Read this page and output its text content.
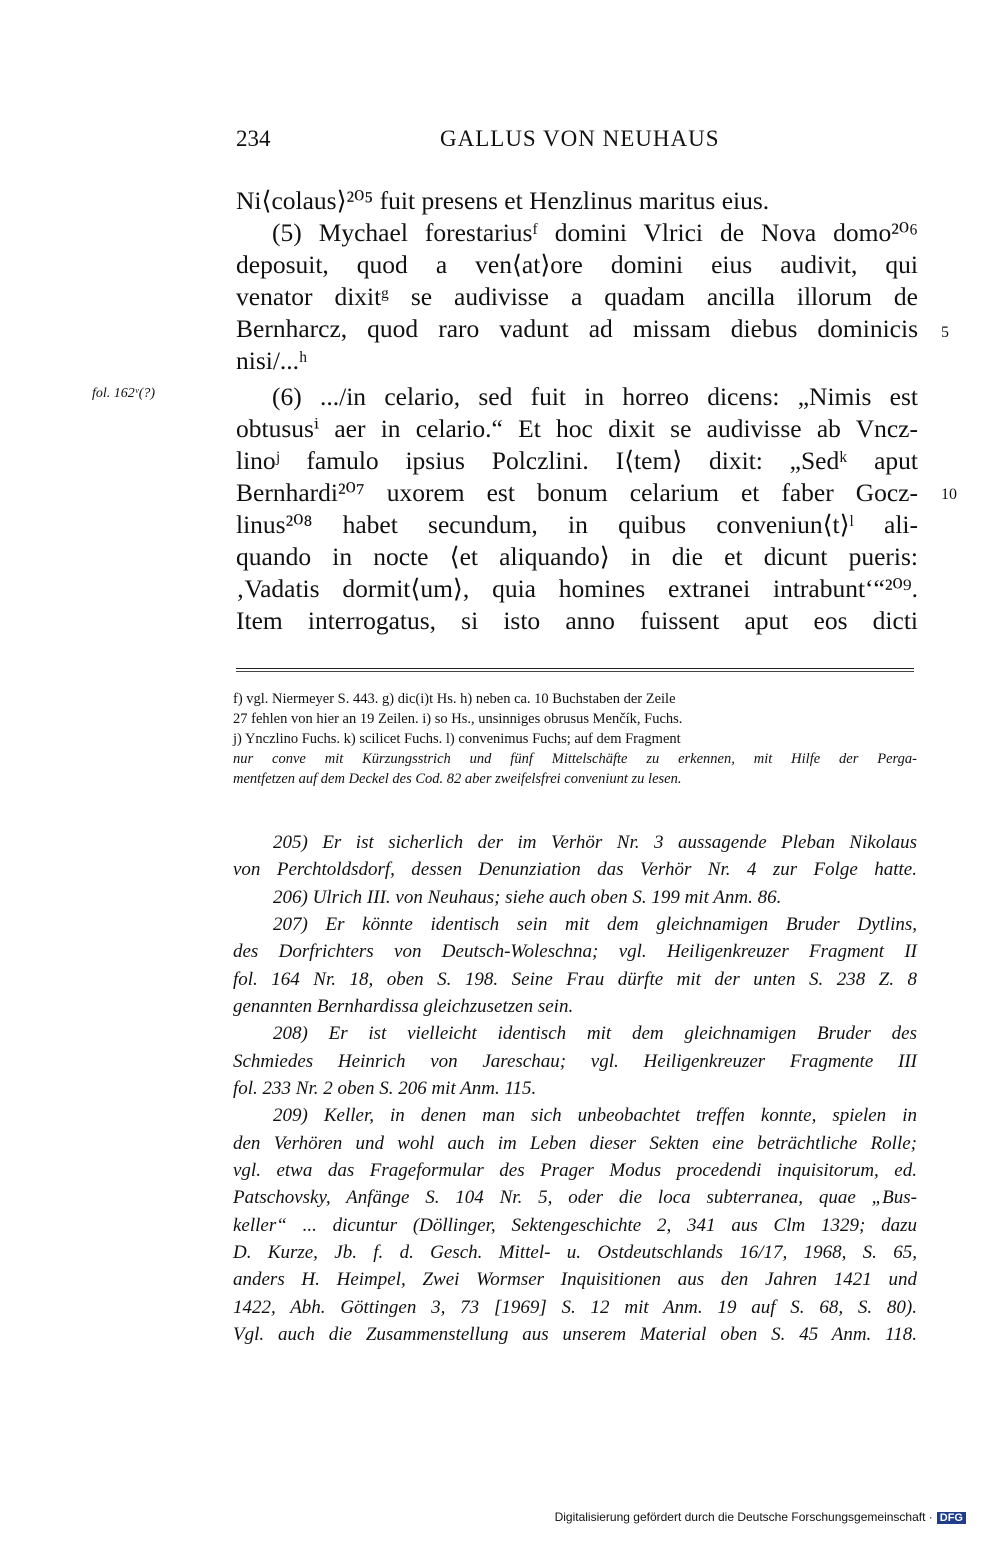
234	GALLUS VON NEUHAUS
fol. 162ᵛ(?)
Ni⟨colaus⟩²⁰⁵ fuit presens et Henzlinus maritus eius.
(5) Mychael forestariusᶠ domini Vlrici de Nova domo²⁰⁶
deposuit, quod a ven⟨at⟩ore domini eius audivit, qui
venator dixitᵍ se audivisse a quadam ancilla illorum de
Bernharcz, quod raro vadunt ad missam diebus dominicis
nisi/...ʰ
(6) .../in celario, sed fuit in horreo dicens: „Nimis est
obtususⁱ aer in celario.“ Et hoc dixit se audivisse ab Vncz-
linoʲ famulo ipsius Polczlini. I⟨tem⟩ dixit: „Sedᵏ aput
Bernhardi²⁰⁷ uxorem est bonum celarium et faber Gocz-
linus²⁰⁸ habet secundum, in quibus conveniun⟨t⟩ˡ ali-
quando in nocte ⟨et aliquando⟩ in die et dicunt pueris:
‚Vadatis dormit⟨um⟩, quia homines extranei intrabunt‘“²⁰⁹.
Item interrogatus, si isto anno fuissent aput eos dicti
5
10
f) vgl. Niermeyer S. 443. g) dic(i)t Hs. h) neben ca. 10 Buchstaben der Zeile
27 fehlen von hier an 19 Zeilen. i) so Hs., unsinniges obrusus Menčík, Fuchs.
j) Ynczlino Fuchs. k) scilicet Fuchs. l) convenimus Fuchs; auf dem Fragment
nur conve mit Kürzungsstrich und fünf Mittelschäfte zu erkennen, mit Hilfe der Perga-
mentfetzen auf dem Deckel des Cod. 82 aber zweifelsfrei conveniunt zu lesen.
205) Er ist sicherlich der im Verhör Nr. 3 aussagende Pleban Nikolaus
von Perchtoldsdorf, dessen Denunziation das Verhör Nr. 4 zur Folge hatte.
206) Ulrich III. von Neuhaus; siehe auch oben S. 199 mit Anm. 86.
207) Er könnte identisch sein mit dem gleichnamigen Bruder Dytlins,
des Dorfrichters von Deutsch-Woleschna; vgl. Heiligenkreuzer Fragment II
fol. 164 Nr. 18, oben S. 198. Seine Frau dürfte mit der unten S. 238 Z. 8
genannten Bernhardissa gleichzusetzen sein.
208) Er ist vielleicht identisch mit dem gleichnamigen Bruder des
Schmiedes Heinrich von Jareschau; vgl. Heiligenkreuzer Fragmente III
fol. 233 Nr. 2 oben S. 206 mit Anm. 115.
209) Keller, in denen man sich unbeobachtet treffen konnte, spielen in
den Verhören und wohl auch im Leben dieser Sekten eine beträchtliche Rolle;
vgl. etwa das Frageformular des Prager Modus procedendi inquisitorum, ed.
Patschovsky, Anfänge S. 104 Nr. 5, oder die loca subterranea, quae „Bus-
keller“ ... dicuntur (Döllinger, Sektengeschichte 2, 341 aus Clm 1329; dazu
D. Kurze, Jb. f. d. Gesch. Mittel- u. Ostdeutschlands 16/17, 1968, S. 65,
anders H. Heimpel, Zwei Wormser Inquisitionen aus den Jahren 1421 und
1422, Abh. Göttingen 3, 73 [1969] S. 12 mit Anm. 19 auf S. 68, S. 80).
Vgl. auch die Zusammenstellung aus unserem Material oben S. 45 Anm. 118.
Digitalisierung gefördert durch die Deutsche Forschungsgemeinschaft · DFG
